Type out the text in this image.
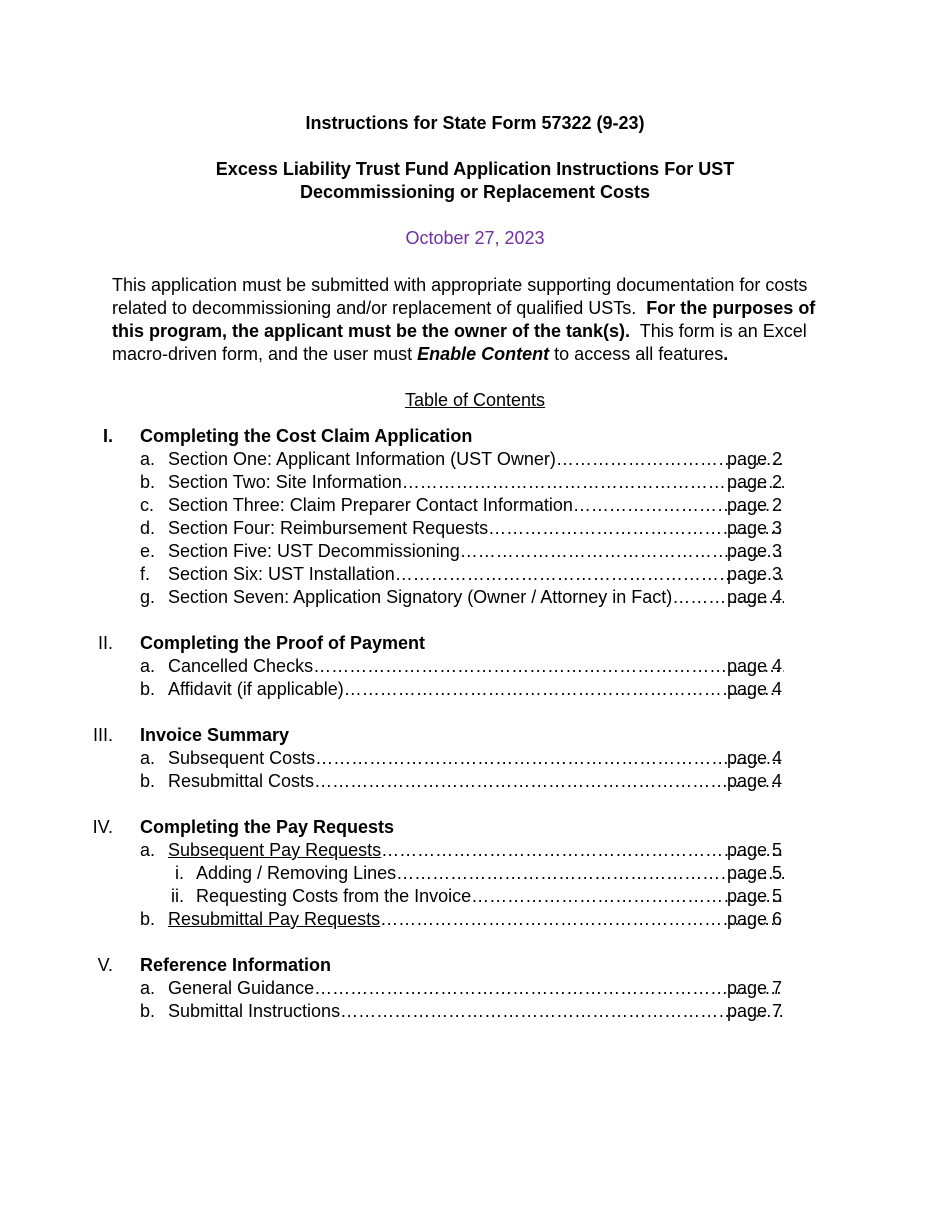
Instructions for State Form 57322 (9-23)
Excess Liability Trust Fund Application Instructions For UST
Decommissioning or Replacement Costs
October 27, 2023
This application must be submitted with appropriate supporting documentation for costs related to decommissioning and/or replacement of qualified USTs. For the purposes of this program, the applicant must be the owner of the tank(s). This form is an Excel macro-driven form, and the user must Enable Content to access all features.
Table of Contents
I. Completing the Cost Claim Application
a. Section One: Applicant Information (UST Owner) ……………………………………………………………………………………………………………………………………………………	page 2
b. Section Two: Site Information ……………………………………………………………………………………………………………………………………………………	page 2
c. Section Three: Claim Preparer Contact Information ……………………………………………………………………………………………………………………………………………………	page 2
d. Section Four: Reimbursement Requests ……………………………………………………………………………………………………………………………………………………	page 3
e. Section Five: UST Decommissioning ……………………………………………………………………………………………………………………………………………………	page 3
f. Section Six: UST Installation ……………………………………………………………………………………………………………………………………………………	page 3
g. Section Seven: Application Signatory (Owner / Attorney in Fact) ……………………………………………………………………………………………………………………………………………………	page 4
II. Completing the Proof of Payment
a. Cancelled Checks ……………………………………………………………………………………………………………………………………………………	page 4
b. Affidavit (if applicable) ……………………………………………………………………………………………………………………………………………………	page 4
III. Invoice Summary
a. Subsequent Costs ……………………………………………………………………………………………………………………………………………………	page 4
b. Resubmittal Costs ……………………………………………………………………………………………………………………………………………………	page 4
IV. Completing the Pay Requests
a. Subsequent Pay Requests ……………………………………………………………………………………………………………………………………………………	page 5
i. Adding / Removing Lines ……………………………………………………………………………………………………………………………………………………	page 5
ii. Requesting Costs from the Invoice ……………………………………………………………………………………………………………………………………………………	page 5
b. Resubmittal Pay Requests ……………………………………………………………………………………………………………………………………………………	page 6
V. Reference Information
a. General Guidance ……………………………………………………………………………………………………………………………………………………	page 7
b. Submittal Instructions ……………………………………………………………………………………………………………………………………………………	page 7
